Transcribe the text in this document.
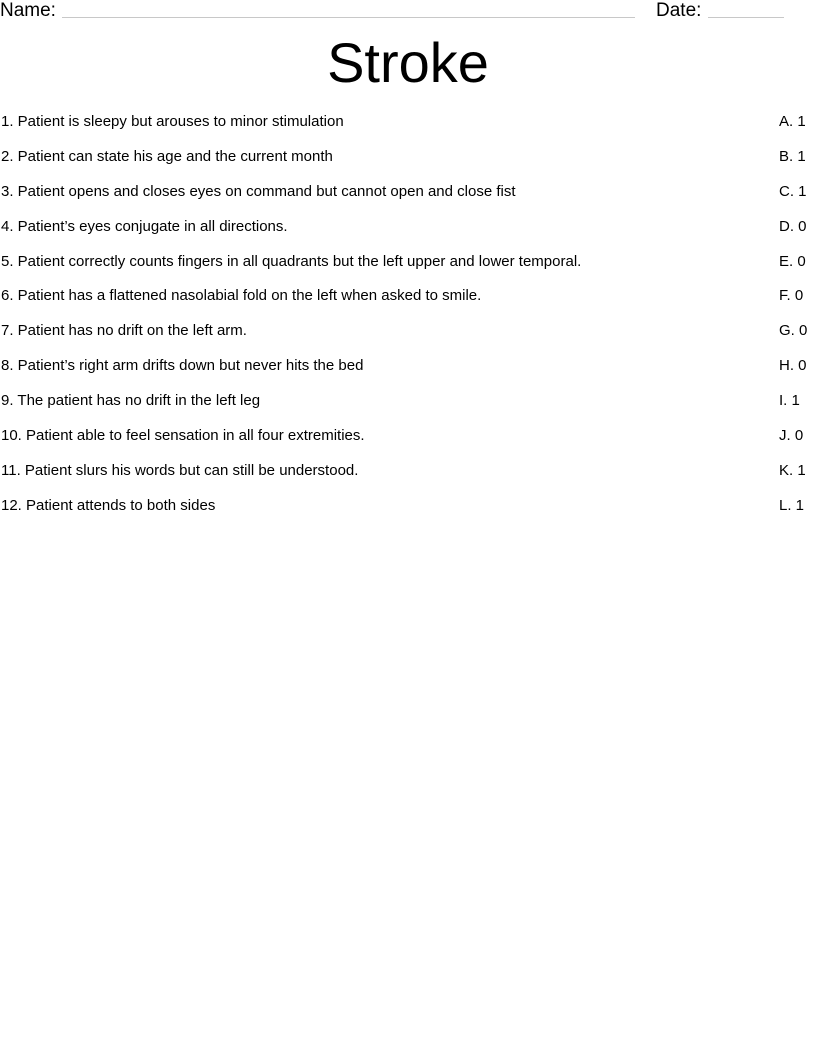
Name:	Date:
Stroke
1. Patient is sleepy but arouses to minor stimulation	A. 1
2. Patient can state his age and the current month	B. 1
3. Patient opens and closes eyes on command but cannot open and close fist	C. 1
4. Patient’s eyes conjugate in all directions.	D. 0
5. Patient correctly counts fingers in all quadrants but the left upper and lower temporal.	E. 0
6. Patient has a flattened nasolabial fold on the left when asked to smile.	F. 0
7. Patient has no drift on the left arm.	G. 0
8. Patient’s right arm drifts down but never hits the bed	H. 0
9. The patient has no drift in the left leg	I. 1
10. Patient able to feel sensation in all four extremities.	J. 0
11. Patient slurs his words but can still be understood.	K. 1
12. Patient attends to both sides	L. 1
